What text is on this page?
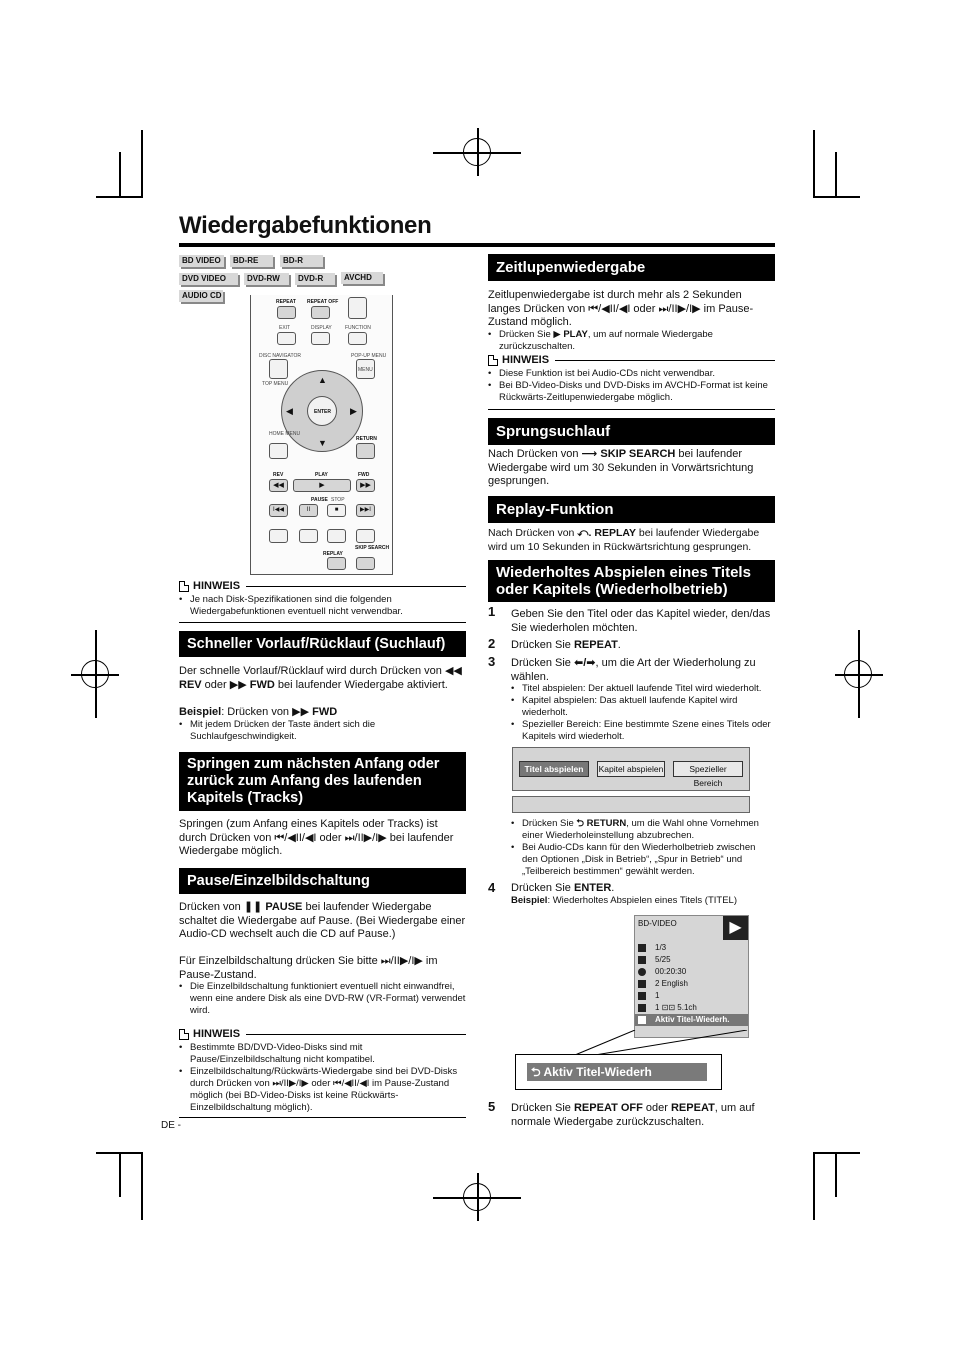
Wiedergabefunktionen
BD VIDEO	BD-RE	BD-R
DVD VIDEO	DVD-RW	DVD-R	AVCHD
AUDIO CD
REPEAT REPEAT OFF
EXIT	DISPLAY	FUNCTION
DISC NAVIGATOR	POP-UP MENU
MENU
TOP MENU
ENTER
▲
▼
◀	▶
HOME MENU
RETURN
REV	PLAY	FWD
◀◀	▶	▶▶
PAUSE STOP
I◀◀	II	■	▶▶I
REPLAY
SKIP SEARCH
HINWEIS
• Je nach Disk-Spezifikationen sind die folgenden Wiedergabefunktionen eventuell nicht verwendbar.
Schneller Vorlauf/Rücklauf (Suchlauf)
Der schnelle Vorlauf/Rücklauf wird durch Drücken von ◀◀ REV oder ▶▶ FWD bei laufender Wiedergabe aktiviert.
Beispiel: Drücken von ▶▶ FWD
• Mit jedem Drücken der Taste ändert sich die Suchlaufgeschwindigkeit.
Springen zum nächsten Anfang oder zurück zum Anfang des laufenden Kapitels (Tracks)
Springen (zum Anfang eines Kapitels oder Tracks) ist durch Drücken von ⏮/◀II/◀I oder ⏭/II▶/I▶ bei laufender Wiedergabe möglich.
Pause/Einzelbildschaltung
Drücken von ❚❚ PAUSE bei laufender Wiedergabe schaltet die Wiedergabe auf Pause. (Bei Wiedergabe einer Audio-CD wechselt auch die CD auf Pause.)
Für Einzelbildschaltung drücken Sie bitte ⏭/II▶/I▶ im Pause-Zustand.
• Die Einzelbildschaltung funktioniert eventuell nicht einwandfrei, wenn eine andere Disk als eine DVD-RW (VR-Format) verwendet wird.
HINWEIS
• Bestimmte BD/DVD-Video-Disks sind mit Pause/Einzelbildschaltung nicht kompatibel.
• Einzelbildschaltung/Rückwärts-Wiedergabe sind bei DVD-Disks durch Drücken von ⏭/II▶/I▶ oder ⏮/◀II/◀I im Pause-Zustand möglich (bei BD-Video-Disks ist keine Rückwärts-Einzelbildschaltung möglich).
DE -
Zeitlupenwiedergabe
Zeitlupenwiedergabe ist durch mehr als 2 Sekunden langes Drücken von ⏮/◀II/◀I oder ⏭/II▶/I▶ im Pause-Zustand möglich.
• Drücken Sie ▶ PLAY, um auf normale Wiedergabe zurückzuschalten.
HINWEIS
• Diese Funktion ist bei Audio-CDs nicht verwendbar.
• Bei BD-Video-Disks und DVD-Disks im AVCHD-Format ist keine Rückwärts-Zeitlupenwiedergabe möglich.
Sprungsuchlauf
Nach Drücken von ⟶ SKIP SEARCH bei laufender Wiedergabe wird um 30 Sekunden in Vorwärtsrichtung gesprungen.
Replay-Funktion
Nach Drücken von ⤺. REPLAY bei laufender Wiedergabe wird um 10 Sekunden in Rückwärtsrichtung gesprungen.
Wiederholtes Abspielen eines Titels oder Kapitels (Wiederholbetrieb)
1 Geben Sie den Titel oder das Kapitel wieder, den/das Sie wiederholen möchten.
2 Drücken Sie REPEAT.
3 Drücken Sie ⬅/➡, um die Art der Wiederholung zu wählen.
• Titel abspielen: Der aktuell laufende Titel wird wiederholt.
• Kapitel abspielen: Das aktuell laufende Kapitel wird wiederholt.
• Spezieller Bereich: Eine bestimmte Szene eines Titels oder Kapitels wird wiederholt.
Titel abspielen	Kapitel abspielen	Spezieller Bereich
• Drücken Sie ⮌ RETURN, um die Wahl ohne Vornehmen einer Wiederholeinstellung abzubrechen.
• Bei Audio-CDs kann für den Wiederholbetrieb zwischen den Optionen „Disk in Betrieb“, „Spur in Betrieb“ und „Teilbereich bestimmen“ gewählt werden.
4 Drücken Sie ENTER.
Beispiel: Wiederholtes Abspielen eines Titels (TITEL)
BD-VIDEO	▶
1/3
5/25
00:20:30
2 English
1
1 ⊡⊡ 5.1ch
Aktiv Titel-Wiederh.
⮌ Aktiv Titel-Wiederh
5 Drücken Sie REPEAT OFF oder REPEAT, um auf normale Wiedergabe zurückzuschalten.
